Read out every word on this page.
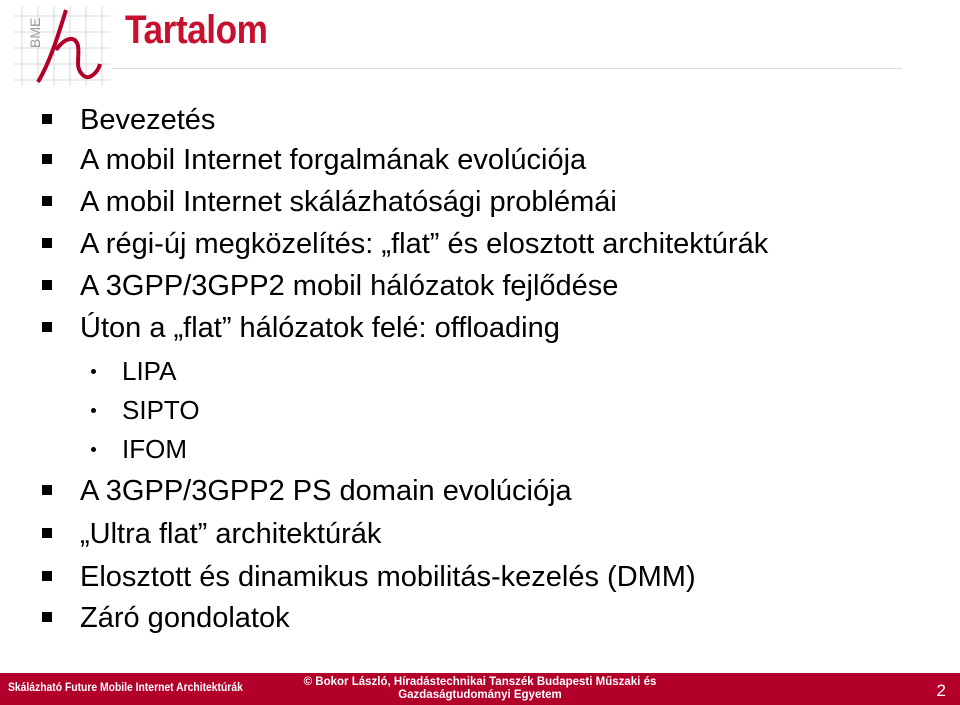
BME Tartalom
Bevezetés
A mobil Internet forgalmának evolúciója
A mobil Internet skálázhatósági problémái
A régi-új megközelítés: „flat” és elosztott architektúrák
A 3GPP/3GPP2 mobil hálózatok fejlődése
Úton a „flat” hálózatok felé: offloading
LIPA
SIPTO
IFOM
A 3GPP/3GPP2 PS domain evolúciója
„Ultra flat” architektúrák
Elosztott és dinamikus mobilitás-kezelés (DMM)
Záró gondolatok
Skálázható Future Mobile Internet Architektúrák	© Bokor László, Híradástechnikai Tanszék Budapesti Műszaki és
Gazdaságtudományi Egyetem	2
